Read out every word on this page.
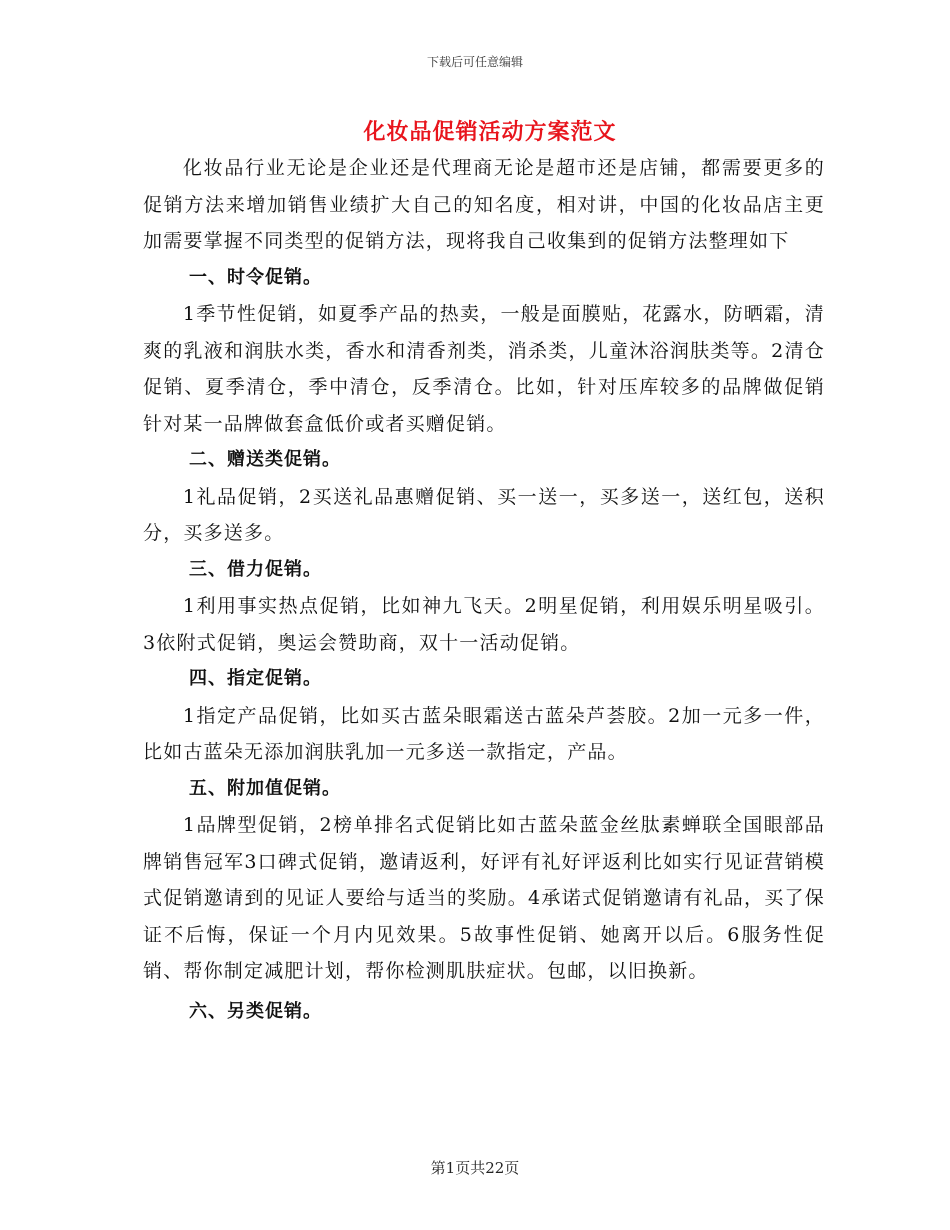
下载后可任意编辑
化妆品促销活动方案范文

化妆品行业无论是企业还是代理商无论是超市还是店铺，都需要更多的促销方法来增加销售业绩扩大自己的知名度，相对讲，中国的化妆品店主更加需要掌握不同类型的促销方法，现将我自己收集到的促销方法整理如下

一、时令促销。

1季节性促销，如夏季产品的热卖，一般是面膜贴，花露水，防晒霜，清爽的乳液和润肤水类，香水和清香剂类，消杀类，儿童沐浴润肤类等。2清仓促销、夏季清仓，季中清仓，反季清仓。比如，针对压库较多的品牌做促销针对某一品牌做套盒低价或者买赠促销。

二、赠送类促销。

1礼品促销，2买送礼品惠赠促销、买一送一，买多送一，送红包，送积分，买多送多。

三、借力促销。

1利用事实热点促销，比如神九飞天。2明星促销，利用娱乐明星吸引。3依附式促销，奥运会赞助商，双十一活动促销。

四、指定促销。

1指定产品促销，比如买古蓝朵眼霜送古蓝朵芦荟胶。2加一元多一件，比如古蓝朵无添加润肤乳加一元多送一款指定，产品。

五、附加值促销。

1品牌型促销，2榜单排名式促销比如古蓝朵蓝金丝肽素蝉联全国眼部品牌销售冠军3口碑式促销，邀请返利，好评有礼好评返利比如实行见证营销模式促销邀请到的见证人要给与适当的奖励。4承诺式促销邀请有礼品，买了保证不后悔，保证一个月内见效果。5故事性促销、她离开以后。6服务性促销、帮你制定减肥计划，帮你检测肌肤症状。包邮，以旧换新。

六、另类促销。

第1页共22页
